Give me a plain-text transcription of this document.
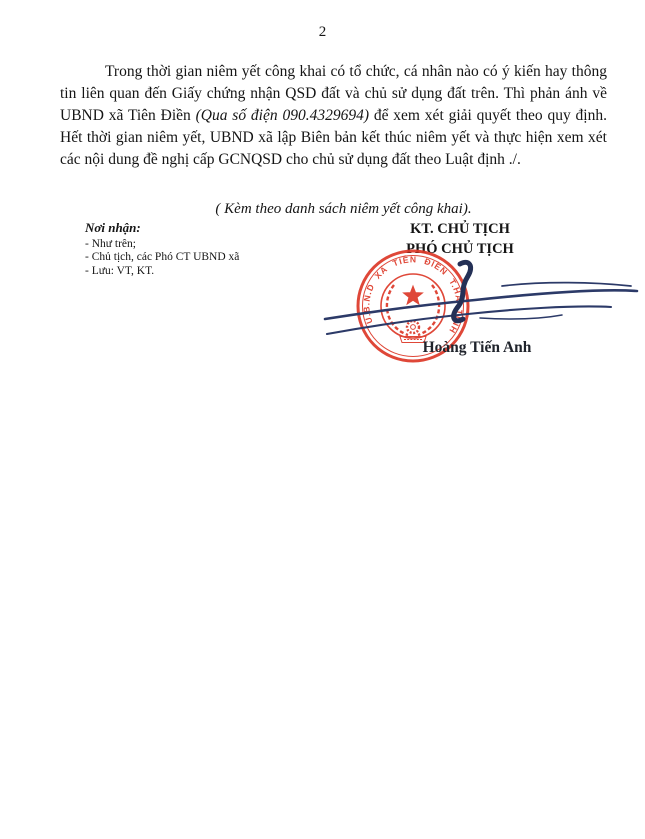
2

Trong thời gian niêm yết công khai có tổ chức, cá nhân nào có ý kiến hay thông tin liên quan đến Giấy chứng nhận QSD đất và chủ sử dụng đất trên. Thì phản ánh về UBND xã Tiên Điền (Qua số điện 090.4329694) để xem xét giải quyết theo quy định. Hết thời gian niêm yết, UBND xã lập Biên bản kết thúc niêm yết và thực hiện xem xét các nội dung đề nghị cấp GCNQSD cho chủ sử dụng đất theo Luật định ./.

( Kèm theo danh sách niêm yết công khai).
Nơi nhận:
- Như trên;
- Chủ tịch, các Phó CT UBND xã
- Lưu: VT, KT.
KT. CHỦ TỊCH
PHÓ CHỦ TỊCH
U.B.N.D  XÃ  TIÊN  ĐIỀN  T.HÀ  TĨNH
Hoàng Tiến Anh
